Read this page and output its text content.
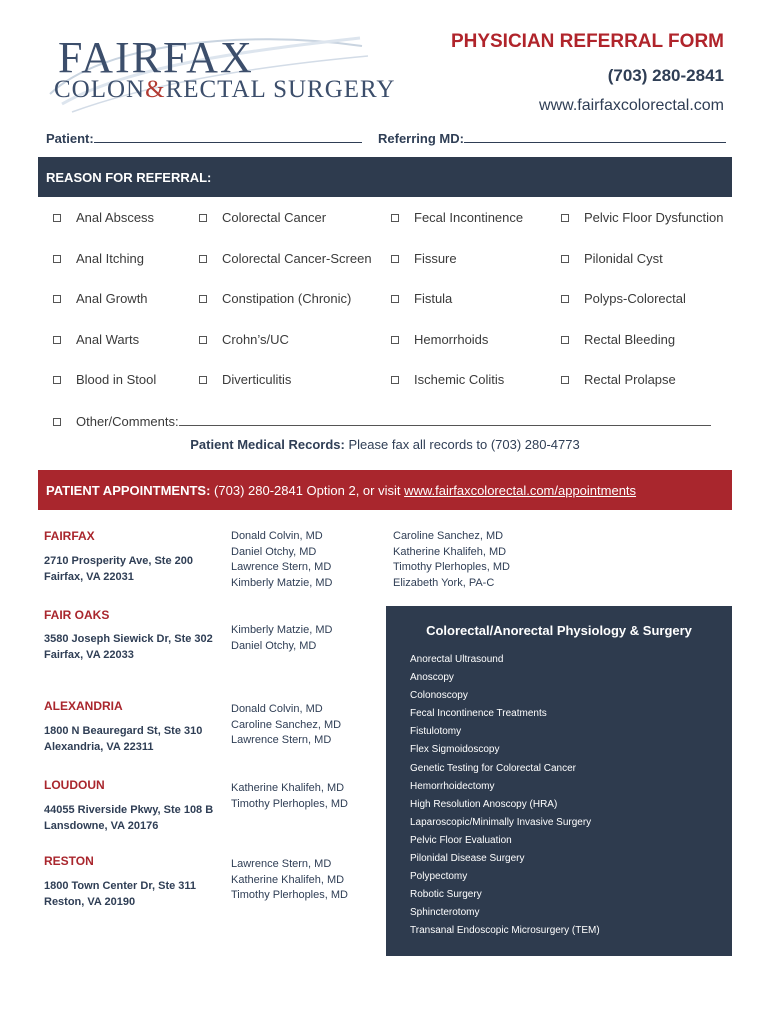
FAIRFAX
COLON&RECTAL SURGERY
PHYSICIAN REFERRAL FORM
(703) 280-2841
www.fairfaxcolorectal.com
Patient:	Referring MD:
REASON FOR REFERRAL:
Anal Abscess
Anal Itching
Anal Growth
Anal Warts
Blood in Stool
Colorectal Cancer
Colorectal Cancer-Screen
Constipation (Chronic)
Crohn’s/UC
Diverticulitis
Fecal Incontinence
Fissure
Fistula
Hemorrhoids
Ischemic Colitis
Pelvic Floor Dysfunction
Pilonidal Cyst
Polyps-Colorectal
Rectal Bleeding
Rectal Prolapse
Other/Comments:
Patient Medical Records: Please fax all records to (703) 280-4773
PATIENT APPOINTMENTS: (703) 280-2841 Option 2, or visit www.fairfaxcolorectal.com/appointments
FAIRFAX
2710 Prosperity Ave, Ste 200
Fairfax, VA 22031
Donald Colvin, MD
Daniel Otchy, MD
Lawrence Stern, MD
Kimberly Matzie, MD
Caroline Sanchez, MD
Katherine Khalifeh, MD
Timothy Plerhoples, MD
Elizabeth York, PA-C
FAIR OAKS
3580 Joseph Siewick Dr, Ste 302
Fairfax, VA 22033
Kimberly Matzie, MD
Daniel Otchy, MD
ALEXANDRIA
1800 N Beauregard St, Ste 310
Alexandria, VA 22311
Donald Colvin, MD
Caroline Sanchez, MD
Lawrence Stern, MD
LOUDOUN
44055 Riverside Pkwy, Ste 108 B
Lansdowne, VA 20176
Katherine Khalifeh, MD
Timothy Plerhoples, MD
RESTON
1800 Town Center Dr, Ste 311
Reston, VA 20190
Lawrence Stern, MD
Katherine Khalifeh, MD
Timothy Plerhoples, MD
Colorectal/Anorectal Physiology & Surgery
Anorectal Ultrasound
Anoscopy
Colonoscopy
Fecal Incontinence Treatments
Fistulotomy
Flex Sigmoidoscopy
Genetic Testing for Colorectal Cancer
Hemorrhoidectomy
High Resolution Anoscopy (HRA)
Laparoscopic/Minimally Invasive Surgery
Pelvic Floor Evaluation
Pilonidal Disease Surgery
Polypectomy
Robotic Surgery
Sphincterotomy
Transanal Endoscopic Microsurgery (TEM)
